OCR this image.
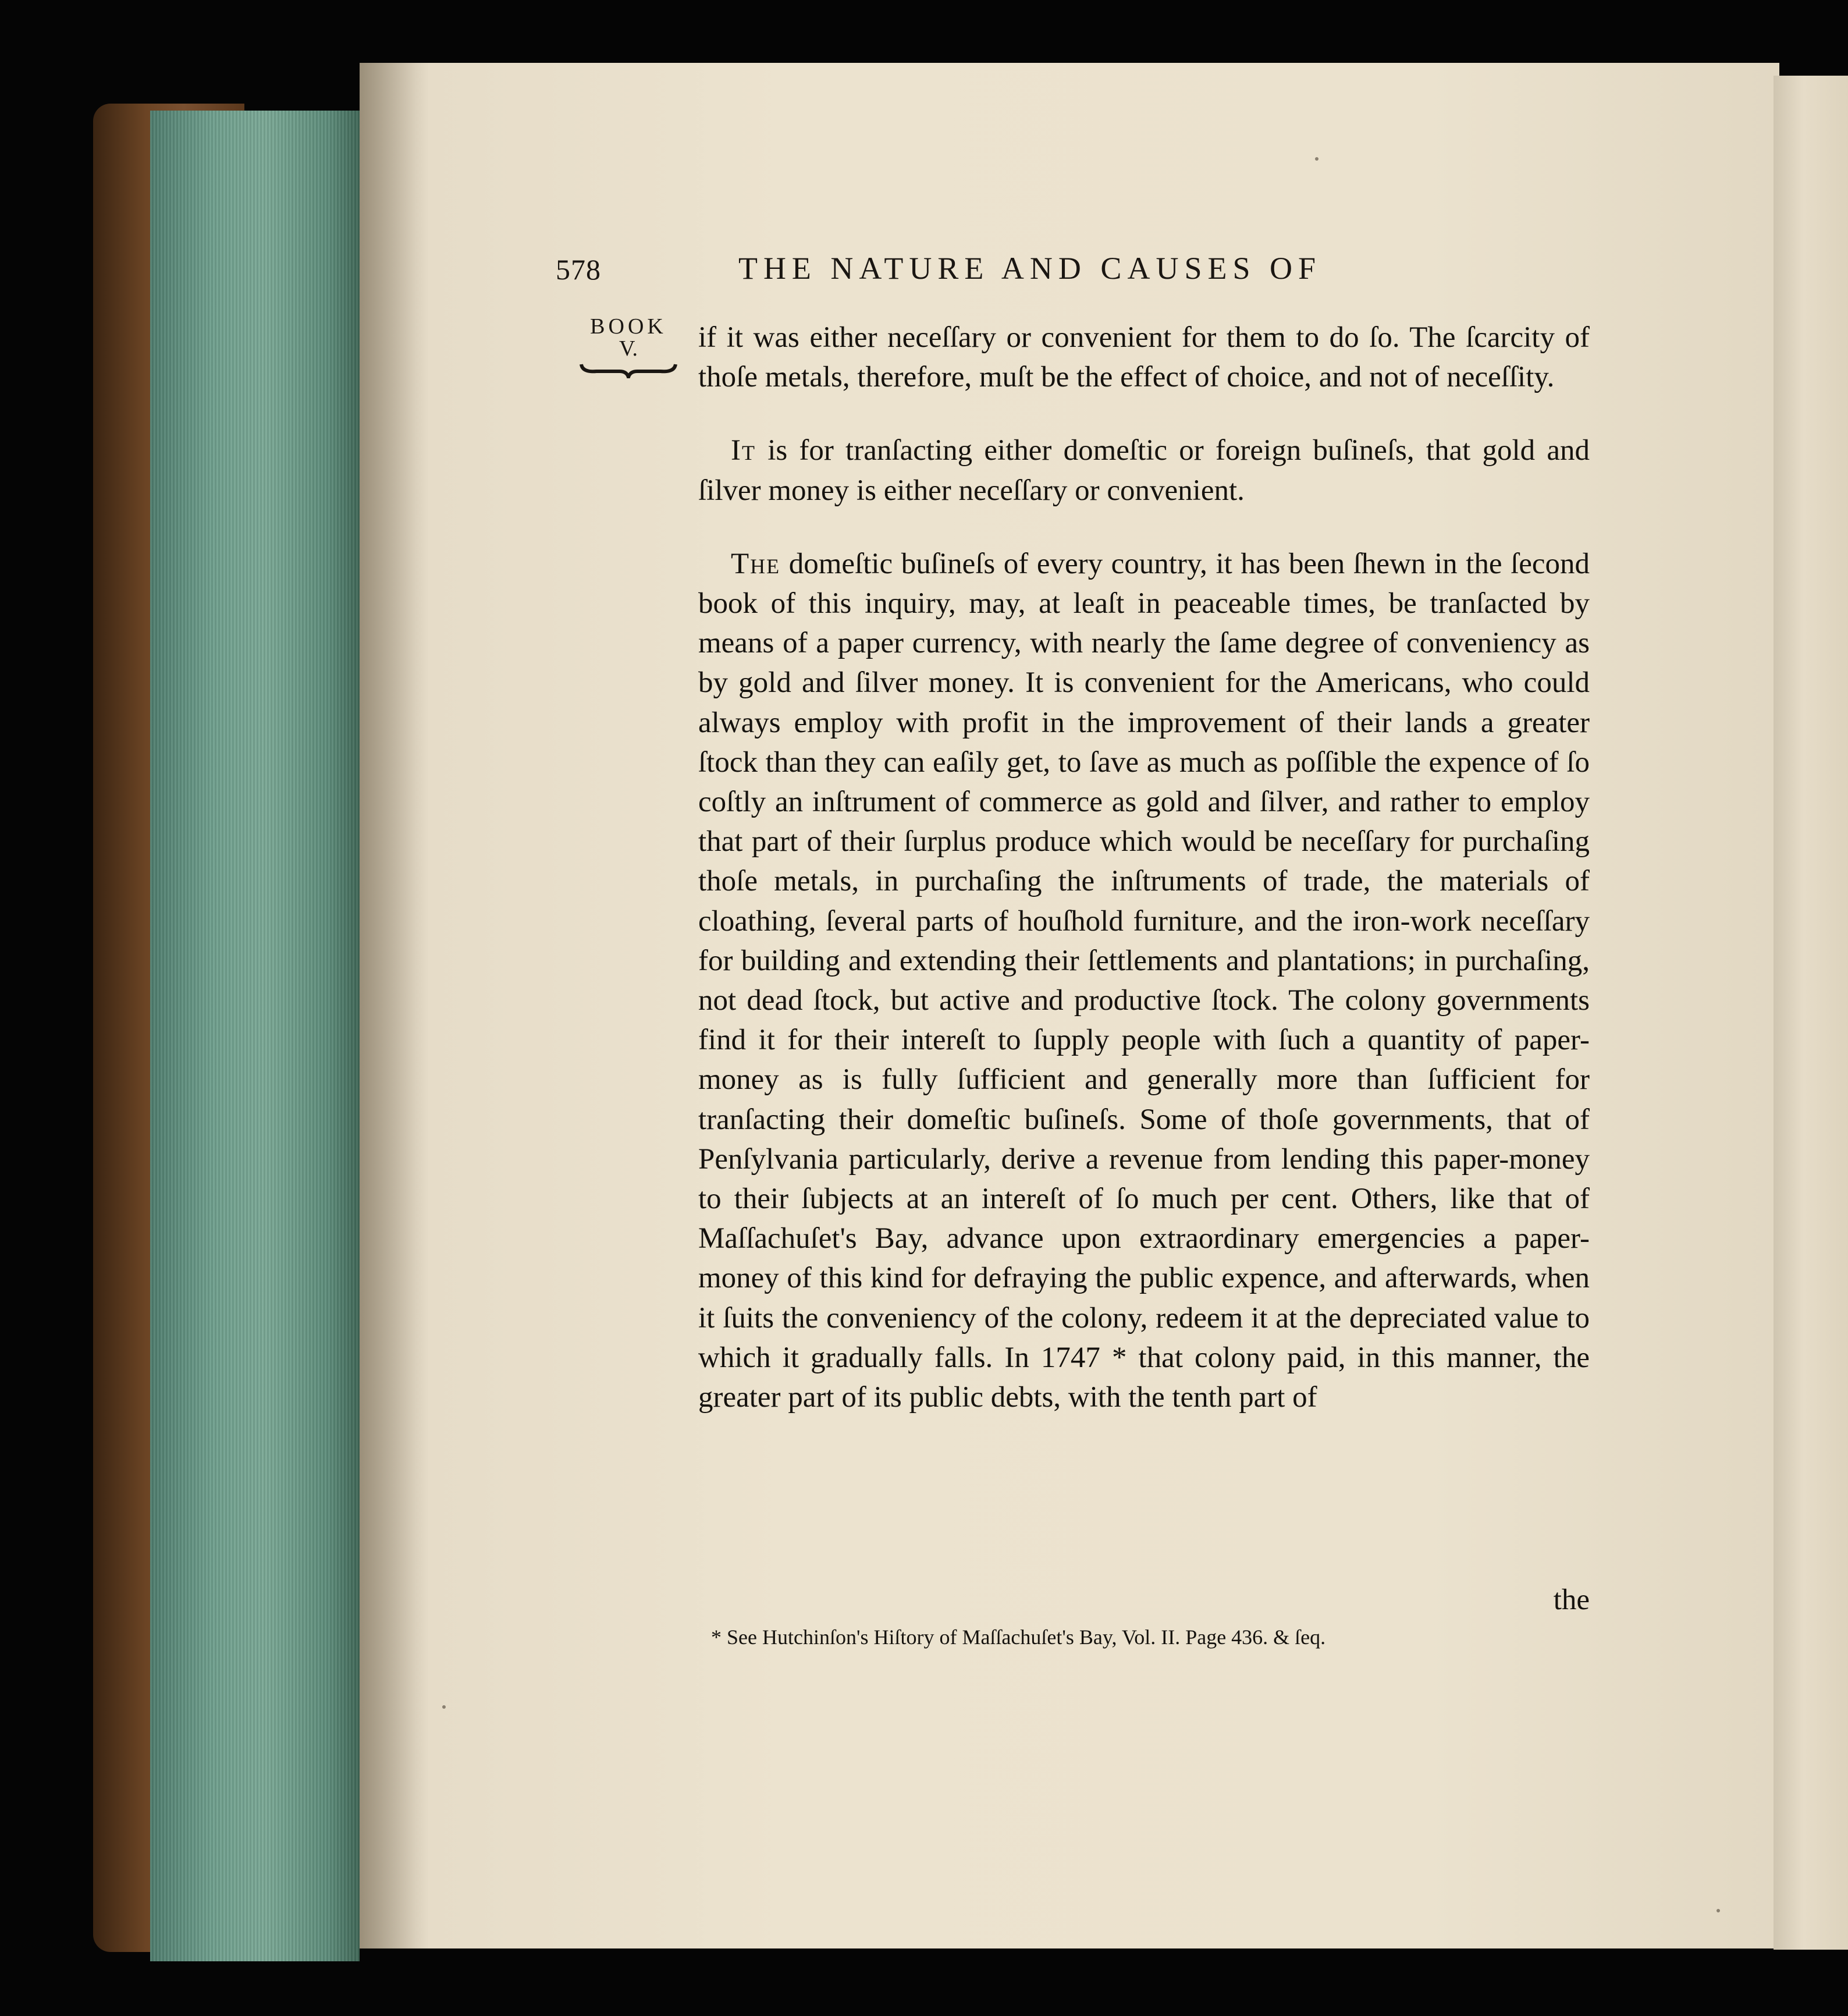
578	THE NATURE AND CAUSES OF
BOOK
V.	if it was either neceſſary or convenient for them to do ſo. The ſcarcity of thoſe metals, therefore, muſt be the effect of choice, and not of neceſſity.

It is for tranſacting either domeſtic or foreign buſineſs, that gold and ſilver money is either neceſſary or convenient.

The domeſtic buſineſs of every country, it has been ſhewn in the ſecond book of this inquiry, may, at leaſt in peaceable times, be tranſacted by means of a paper currency, with nearly the ſame degree of conveniency as by gold and ſilver money. It is convenient for the Americans, who could always employ with profit in the improvement of their lands a greater ſtock than they can eaſily get, to ſave as much as poſſible the expence of ſo coſtly an inſtrument of commerce as gold and ſilver, and rather to employ that part of their ſurplus produce which would be neceſſary for purchaſing thoſe metals, in purchaſing the inſtruments of trade, the materials of cloathing, ſeveral parts of houſhold furniture, and the iron-work neceſſary for building and extending their ſettlements and plantations; in purchaſing, not dead ſtock, but active and productive ſtock. The colony governments find it for their intereſt to ſupply people with ſuch a quantity of paper-money as is fully ſufficient and generally more than ſufficient for tranſacting their domeſtic buſineſs. Some of thoſe governments, that of Penſylvania particularly, derive a revenue from lending this paper-money to their ſubjects at an intereſt of ſo much per cent. Others, like that of Maſſachuſet's Bay, advance upon extraordinary emergencies a paper-money of this kind for defraying the public expence, and afterwards, when it ſuits the conveniency of the colony, redeem it at the depreciated value to which it gradually falls. In 1747 * that colony paid, in this manner, the greater part of its public debts, with the tenth part of

the
* See Hutchinſon's Hiſtory of Maſſachuſet's Bay, Vol. II. Page 436. & ſeq.
